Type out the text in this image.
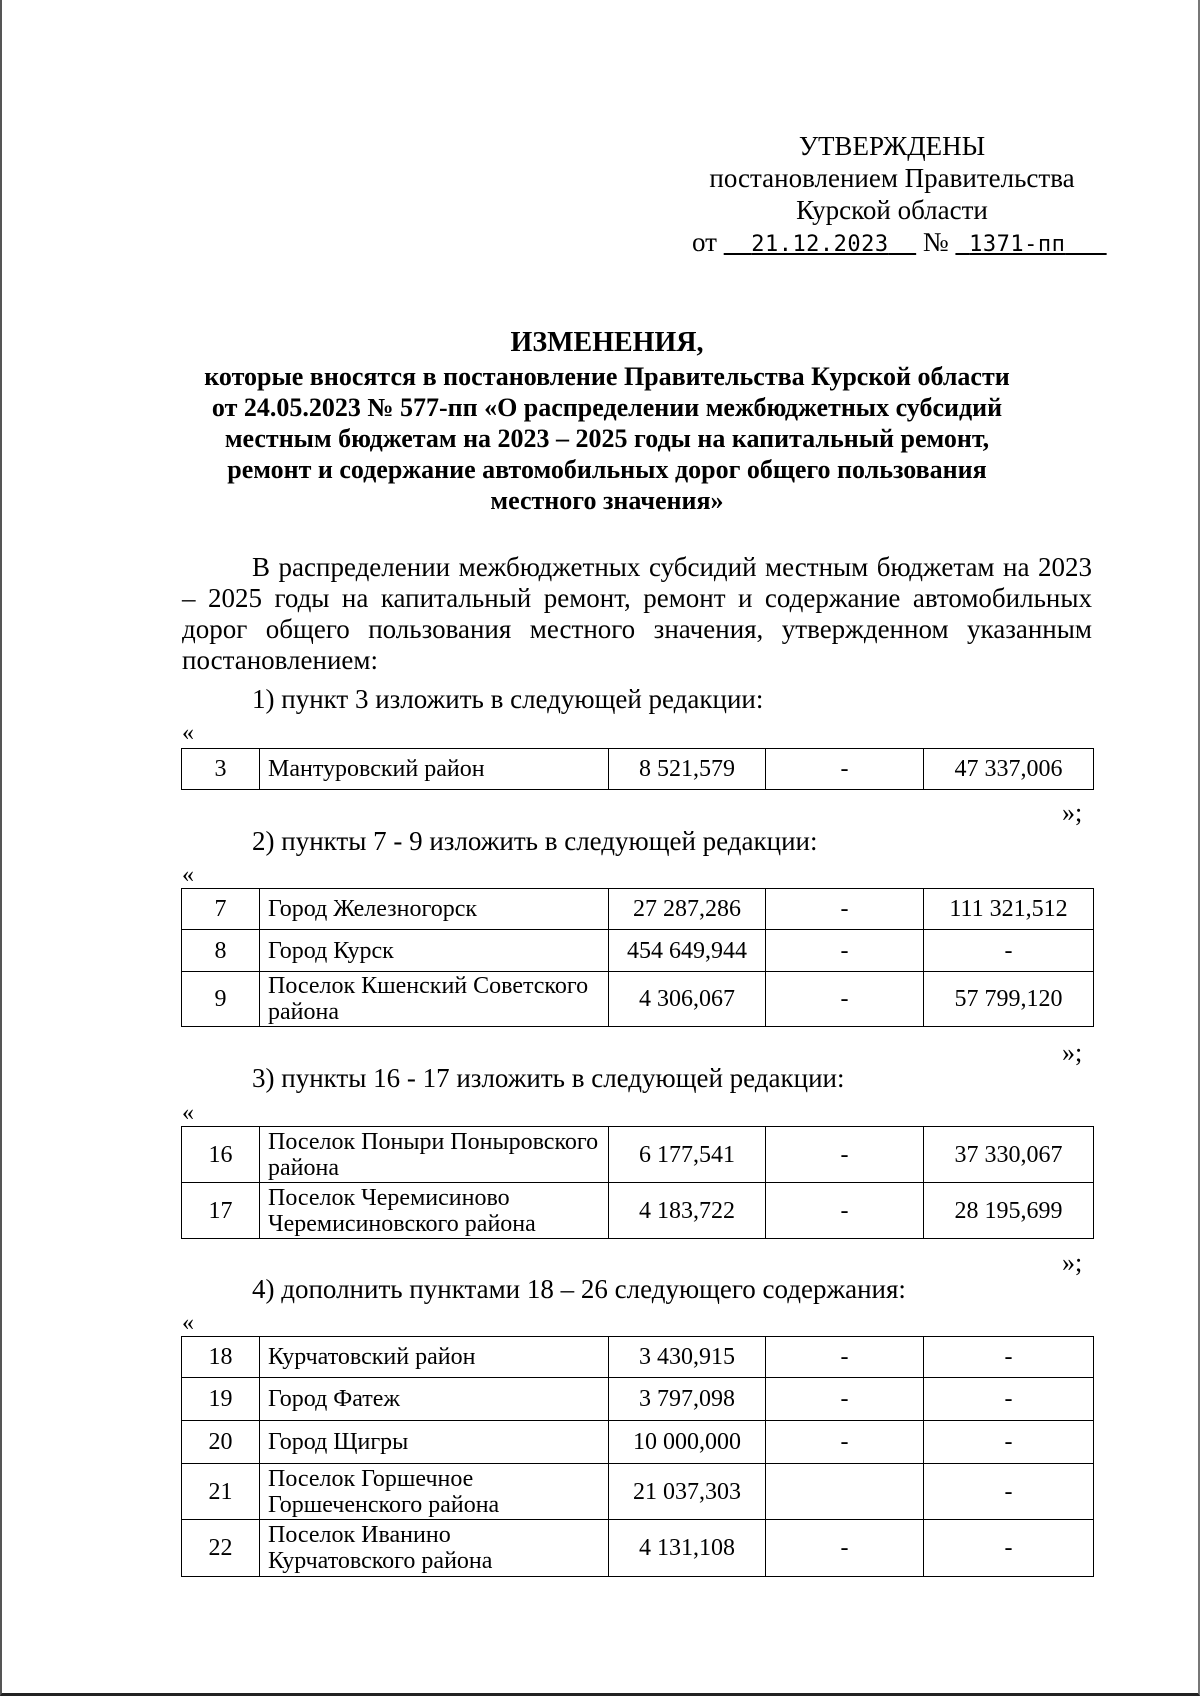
УТВЕРЖДЕНЫ
постановлением Правительства
Курской области
от 21.12.2023 № 1371-пп
ИЗМЕНЕНИЯ,
которые вносятся в постановление Правительства Курской области
от 24.05.2023 № 577-пп «О распределении межбюджетных субсидий
местным бюджетам на 2023 – 2025 годы на капитальный ремонт,
ремонт и содержание автомобильных дорог общего пользования
местного значения»
В распределении межбюджетных субсидий местным бюджетам на 2023 – 2025 годы на капитальный ремонт, ремонт и содержание автомобильных дорог общего пользования местного значения, утвержденном указанным постановлением:
1) пункт 3 изложить в следующей редакции:
«
3	Мантуровский район	8 521,579	-	47 337,006
»;
2) пункты 7 - 9 изложить в следующей редакции:
«
7	Город Железногорск	27 287,286	-	111 321,512
8	Город Курск	454 649,944	-	-
9	Поселок Кшенский Советского района	4 306,067	-	57 799,120
»;
3) пункты 16 - 17 изложить в следующей редакции:
«
16	Поселок Поныри Поныровского района	6 177,541	-	37 330,067
17	Поселок Черемисиново Черемисиновского района	4 183,722	-	28 195,699
»;
4) дополнить пунктами 18 – 26 следующего содержания:
«
18	Курчатовский район	3 430,915	-	-
19	Город Фатеж	3 797,098	-	-
20	Город Щигры	10 000,000	-	-
21	Поселок Горшечное Горшеченского района	21 037,303		-
22	Поселок Иванино Курчатовского района	4 131,108	-	-
